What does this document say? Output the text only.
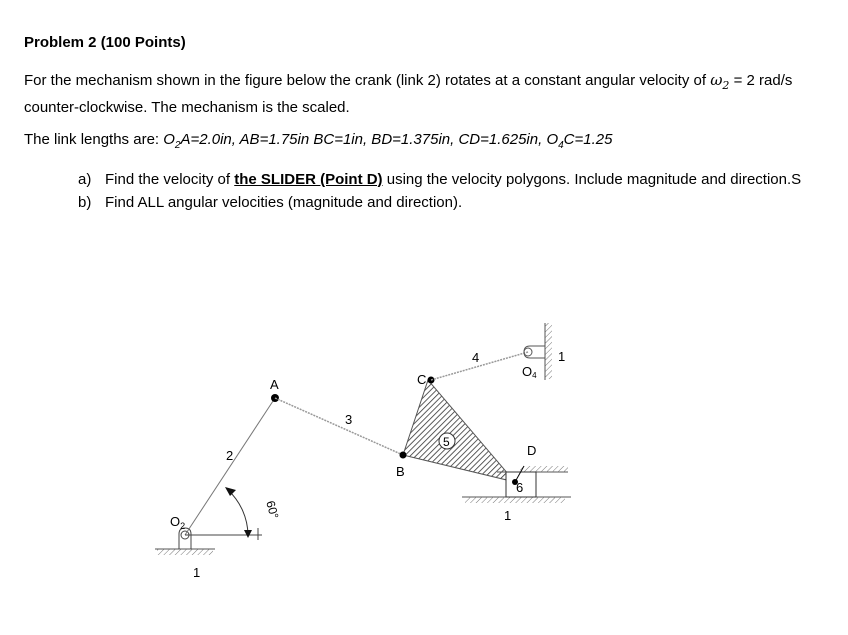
Problem 2 (100 Points)
For the mechanism shown in the figure below the crank (link 2) rotates at a constant angular velocity of $\omega_2 = 2$ rad/s
counter-clockwise. The mechanism is the scaled.
The link lengths are: $O_2A=2.0in$, AB=1.75in BC=1in, BD=1.375in, CD=1.625in, $O_4C=1.25$
a) Find the velocity of the SLIDER (Point D) using the velocity polygons. Include magnitude and direction.S
b) Find ALL angular velocities (magnitude and direction).
$O_2$
1
A
2
60°
3
B
C
5
4
O4
1
D
6
1
